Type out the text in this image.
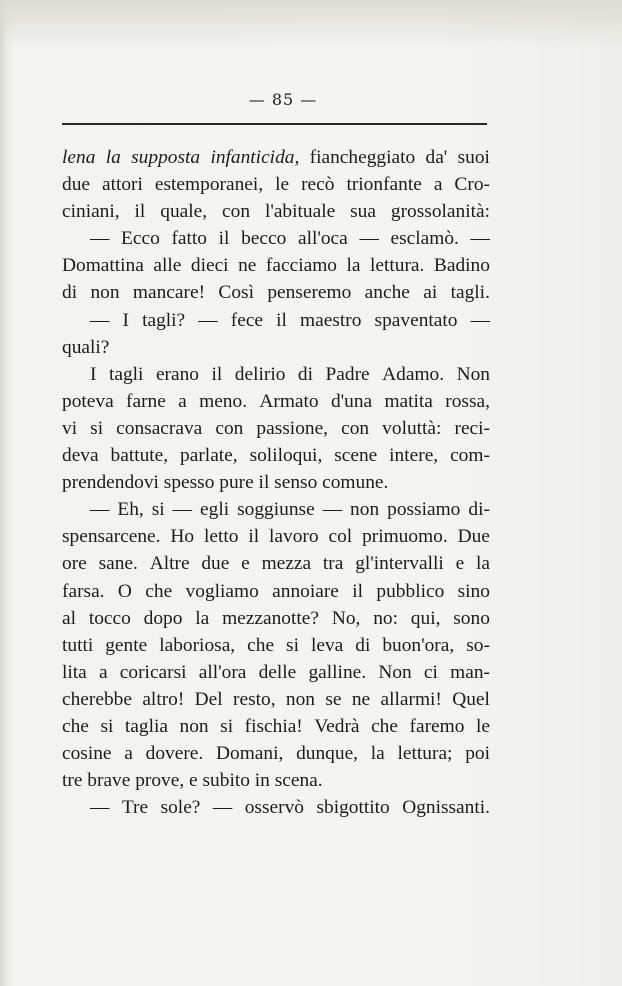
— 85 —
lena la supposta infanticida, fiancheggiato da' suoi
due attori estemporanei, le recò trionfante a Cro-
ciniani, il quale, con l'abituale sua grossolanità:
— Ecco fatto il becco all'oca — esclamò. —
Domattina alle dieci ne facciamo la lettura. Badino
di non mancare! Così penseremo anche ai tagli.
— I tagli? — fece il maestro spaventato —
quali?
I tagli erano il delirio di Padre Adamo. Non
poteva farne a meno. Armato d'una matita rossa,
vi si consacrava con passione, con voluttà: reci-
deva battute, parlate, soliloqui, scene intere, com-
prendendovi spesso pure il senso comune.
— Eh, si — egli soggiunse — non possiamo di-
spensarcene. Ho letto il lavoro col primuomo. Due
ore sane. Altre due e mezza tra gl'intervalli e la
farsa. O che vogliamo annoiare il pubblico sino
al tocco dopo la mezzanotte? No, no: qui, sono
tutti gente laboriosa, che si leva di buon'ora, so-
lita a coricarsi all'ora delle galline. Non ci man-
cherebbe altro! Del resto, non se ne allarmi! Quel
che si taglia non si fischia! Vedrà che faremo le
cosine a dovere. Domani, dunque, la lettura; poi
tre brave prove, e subito in scena.
— Tre sole? — osservò sbigottito Ognissanti.
